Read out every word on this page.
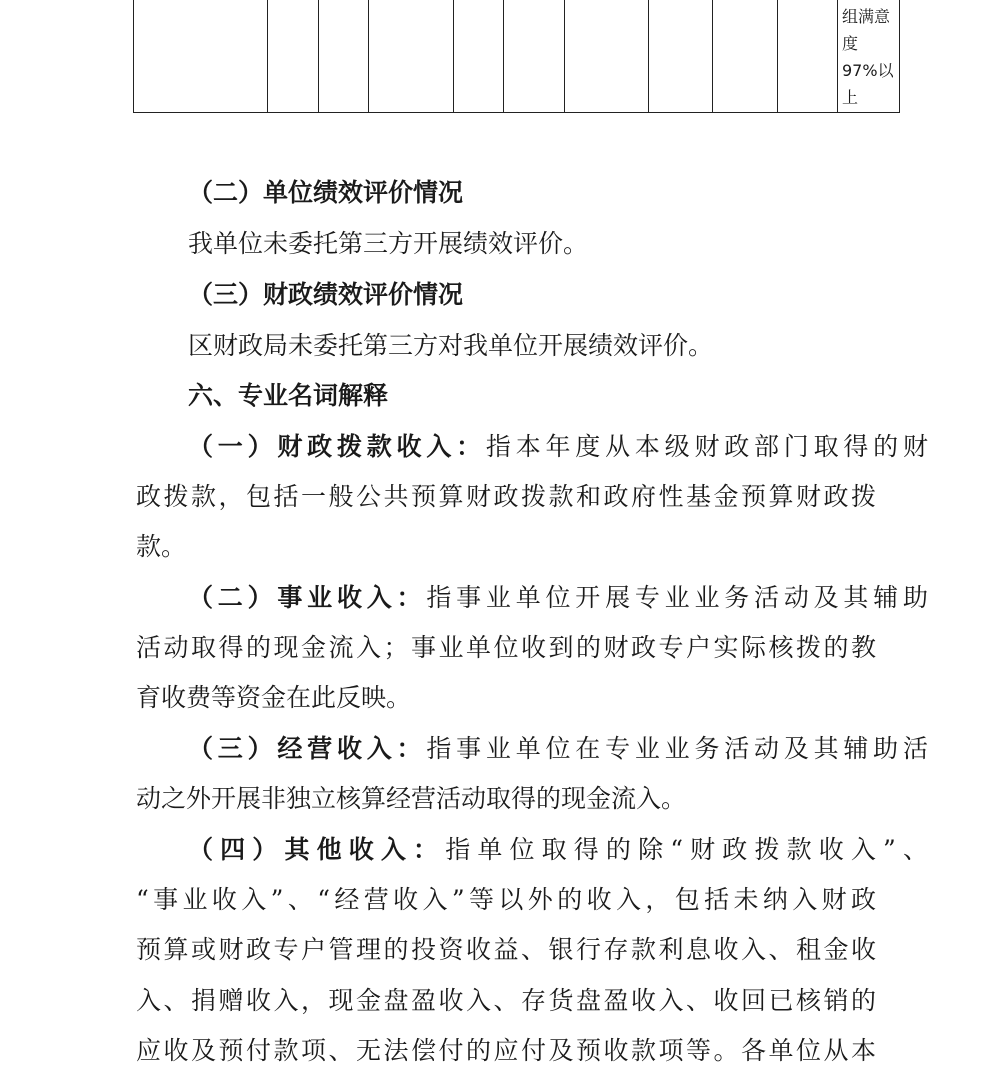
组满意
度
97%以
上
（二）单位绩效评价情况
我单位未委托第三方开展绩效评价。
（三）财政绩效评价情况
区财政局未委托第三方对我单位开展绩效评价。
六、专业名词解释
（一）财政拨款收入：指本年度从本级财政部门取得的财
政拨款，包括一般公共预算财政拨款和政府性基金预算财政拨
款。
（二）事业收入：指事业单位开展专业业务活动及其辅助
活动取得的现金流入；事业单位收到的财政专户实际核拨的教
育收费等资金在此反映。
（三）经营收入：指事业单位在专业业务活动及其辅助活
动之外开展非独立核算经营活动取得的现金流入。
（四）其他收入：指单位取得的除“财政拨款收入”、
“事业收入”、“经营收入”等以外的收入，包括未纳入财政
预算或财政专户管理的投资收益、银行存款利息收入、租金收
入、捐赠收入，现金盘盈收入、存货盘盈收入、收回已核销的
应收及预付款项、无法偿付的应付及预收款项等。各单位从本
